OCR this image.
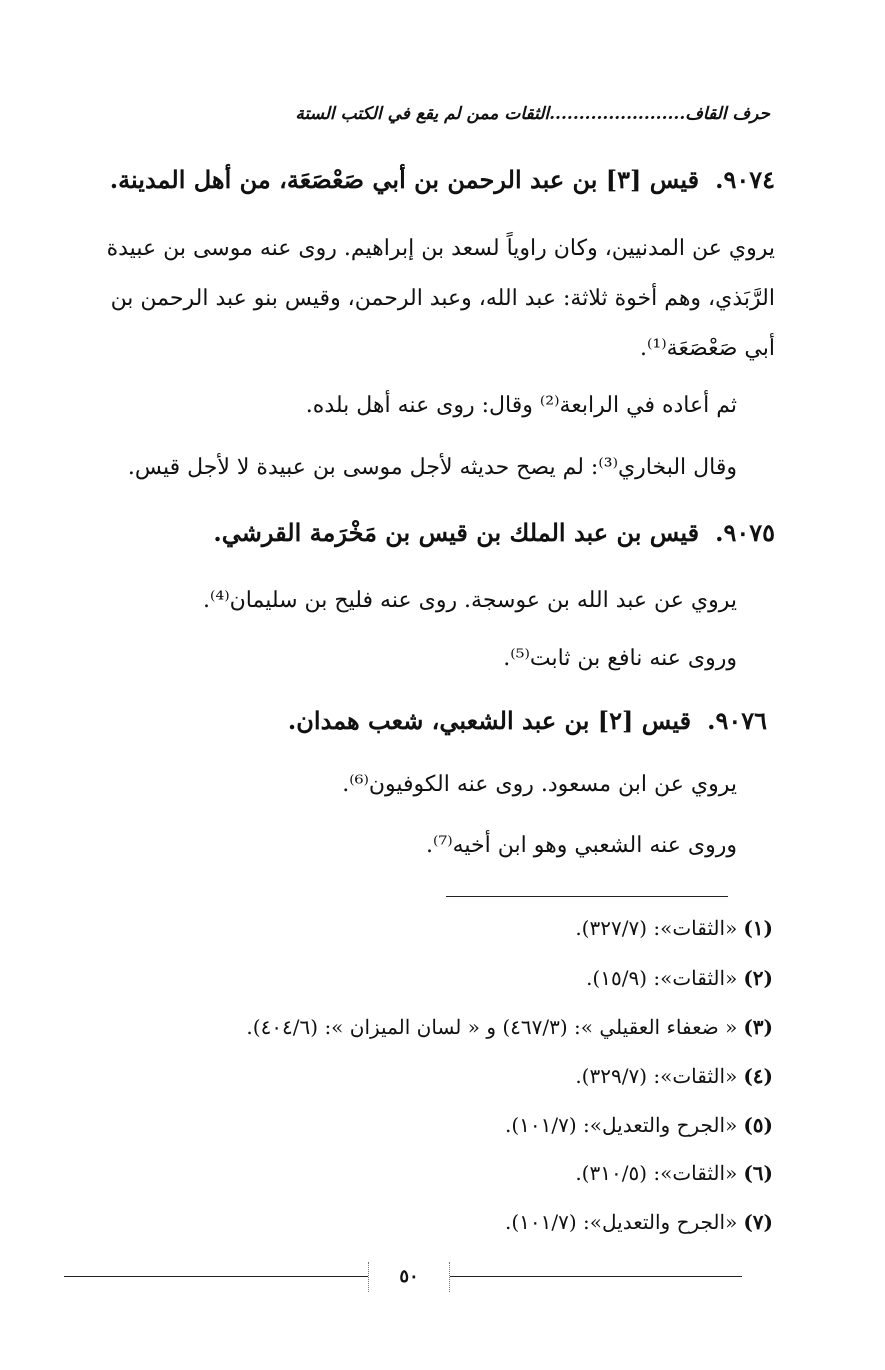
حرف القاف.......................الثقات ممن لم يقع في الكتب الستة
٩٠٧٤.قيس [٣] بن عبد الرحمن بن أبي صَعْصَعَة، من أهل المدينة.
يروي عن المدنيين، وكان راوياً لسعد بن إبراهيم. روى عنه موسى بن عبيدة
الرَّبَذي، وهم أخوة ثلاثة: عبد الله، وعبد الرحمن، وقيس بنو عبد الرحمن بن
أبي صَعْصَعَة⁽¹⁾.
ثم أعاده في الرابعة⁽²⁾ وقال: روى عنه أهل بلده.
وقال البخاري⁽³⁾: لم يصح حديثه لأجل موسى بن عبيدة لا لأجل قيس.
٩٠٧٥.قيس بن عبد الملك بن قيس بن مَخْرَمة القرشي.
يروي عن عبد الله بن عوسجة. روى عنه فليح بن سليمان⁽⁴⁾.
وروى عنه نافع بن ثابت⁽⁵⁾.
٩٠٧٦.قيس [٢] بن عبد الشعبي، شعب همدان.
يروي عن ابن مسعود. روى عنه الكوفيون⁽⁶⁾.
وروى عنه الشعبي وهو ابن أخيه⁽⁷⁾.
(١)«الثقات»: (٣٢٧/٧).
(٢)«الثقات»: (١٥/٩).
(٣)« ضعفاء العقيلي »: (٤٦٧/٣) و « لسان الميزان »: (٤٠٤/٦).
(٤)«الثقات»: (٣٢٩/٧).
(٥)«الجرح والتعديل»: (١٠١/٧).
(٦)«الثقات»: (٣١٠/٥).
(٧)«الجرح والتعديل»: (١٠١/٧).
٥٠
